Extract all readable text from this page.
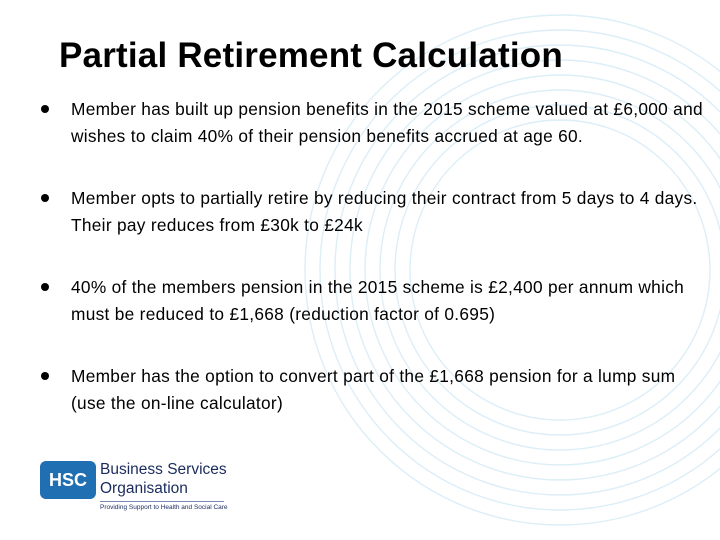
Partial Retirement Calculation
Member has built up pension benefits in the 2015 scheme valued at £6,000 and wishes to claim 40% of their pension benefits accrued at age 60.
Member opts to partially retire by reducing their contract from 5 days to 4 days. Their pay reduces from £30k to £24k
40% of the members pension in the 2015 scheme is £2,400 per annum which must be reduced to £1,668 (reduction factor of 0.695)
Member has the option to convert part of the £1,668 pension for a lump sum (use the on-line calculator)
HSC
Business Services
Organisation
Providing Support to Health and Social Care
